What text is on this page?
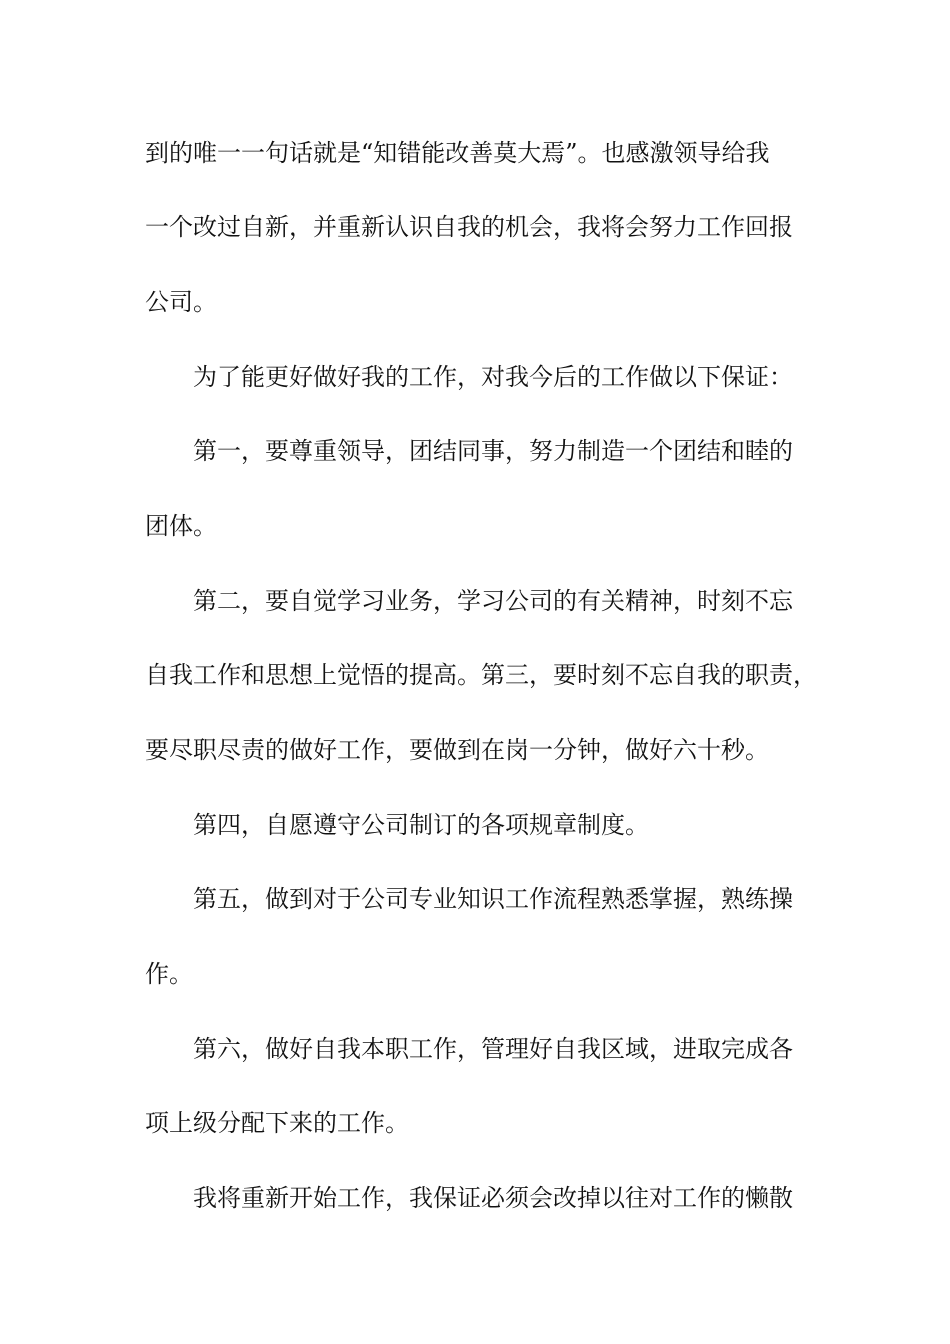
到的唯一一句话就是“知错能改善莫大焉”。也感激领导给我
一个改过自新，并重新认识自我的机会，我将会努力工作回报
公司。
为了能更好做好我的工作，对我今后的工作做以下保证：
第一，要尊重领导，团结同事，努力制造一个团结和睦的
团体。
第二，要自觉学习业务，学习公司的有关精神，时刻不忘
自我工作和思想上觉悟的提高。第三，要时刻不忘自我的职责，
要尽职尽责的做好工作，要做到在岗一分钟，做好六十秒。
第四，自愿遵守公司制订的各项规章制度。
第五，做到对于公司专业知识工作流程熟悉掌握，熟练操
作。
第六，做好自我本职工作，管理好自我区域，进取完成各
项上级分配下来的工作。
我将重新开始工作，我保证必须会改掉以往对工作的懒散
